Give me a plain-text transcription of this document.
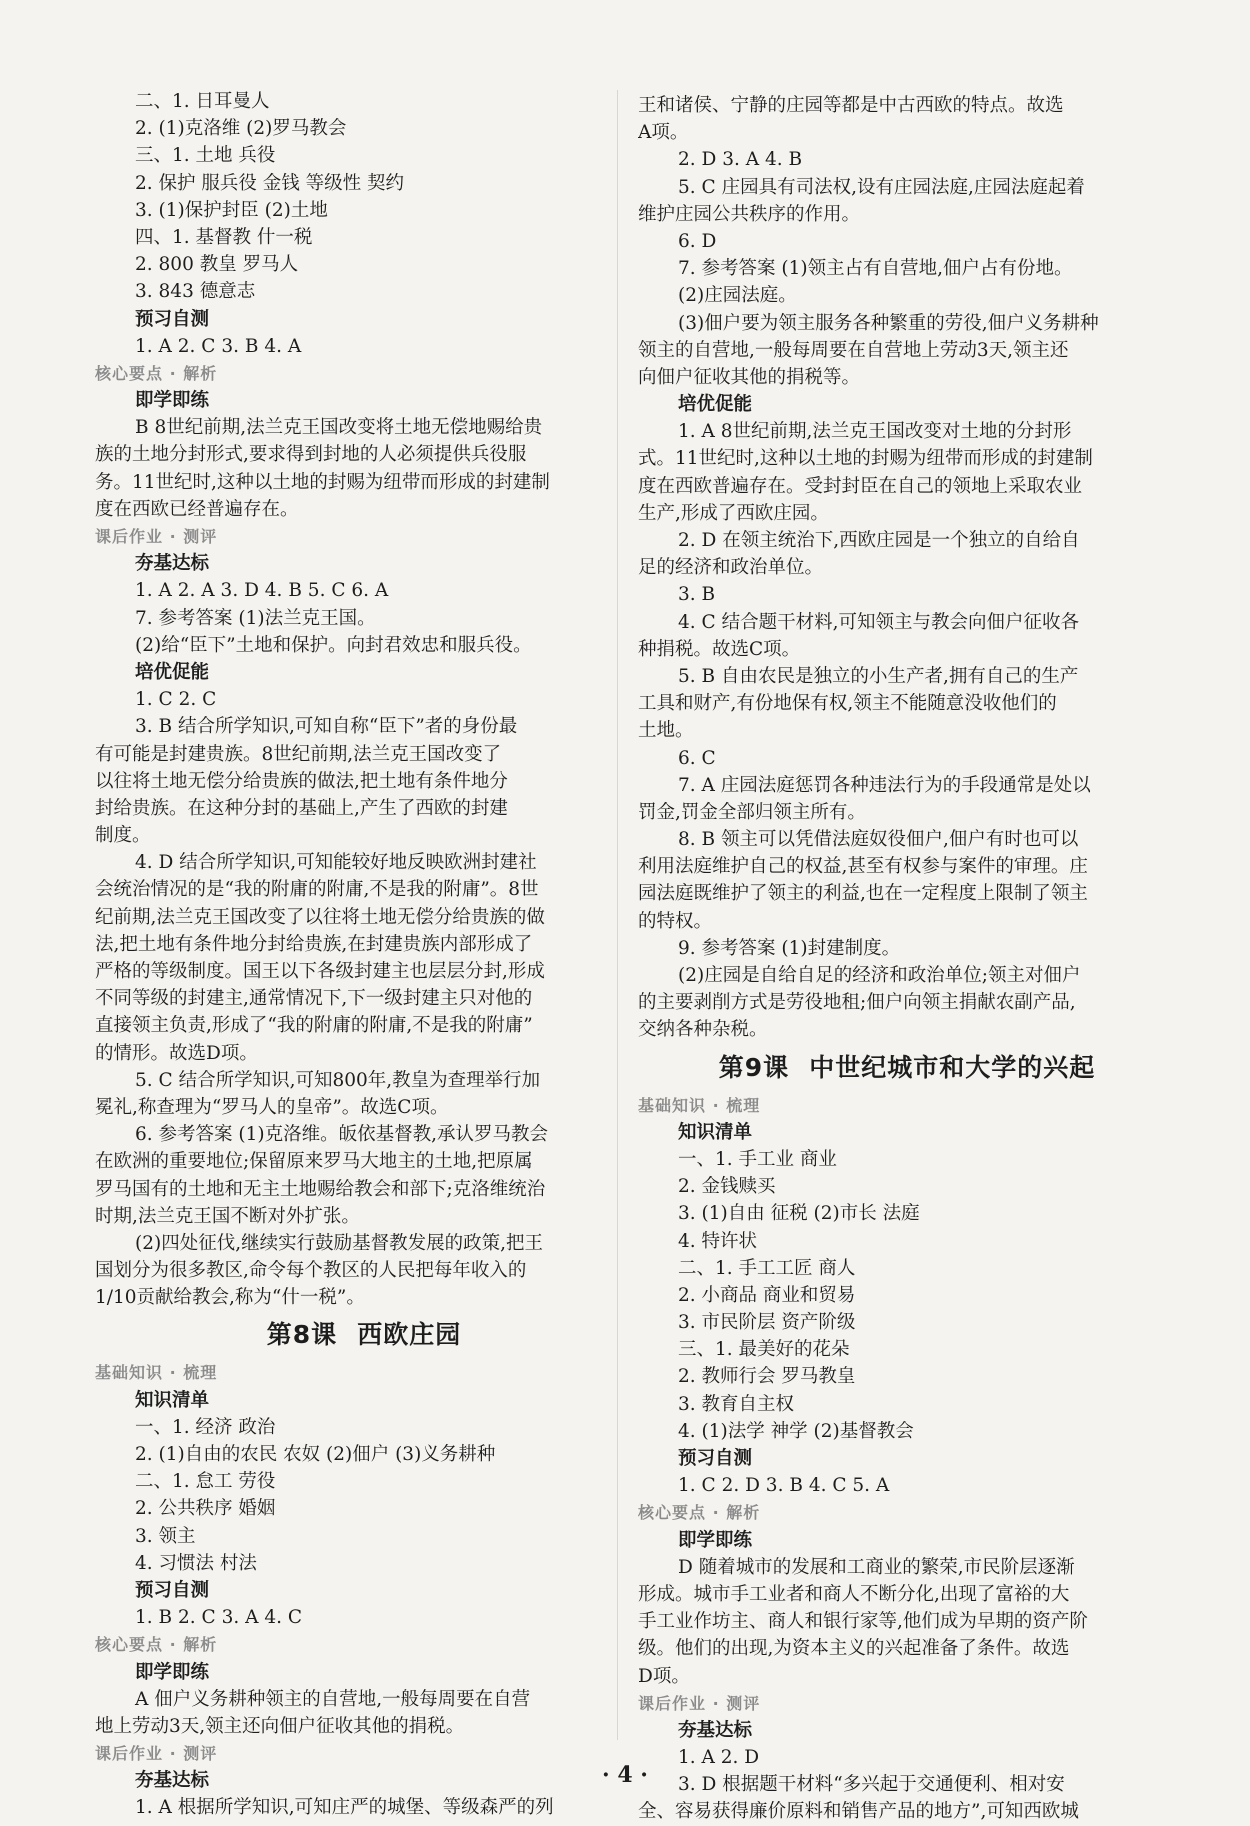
二、1. 日耳曼人
2. (1)克洛维 (2)罗马教会
三、1. 土地 兵役
2. 保护 服兵役 金钱 等级性 契约
3. (1)保护封臣 (2)土地
四、1. 基督教 什一税
2. 800 教皇 罗马人
3. 843 德意志
预习自测
1. A 2. C 3. B 4. A
核心要点 · 解析
即学即练
B 8世纪前期,法兰克王国改变将土地无偿地赐给贵
族的土地分封形式,要求得到封地的人必须提供兵役服
务。11世纪时,这种以土地的封赐为纽带而形成的封建制
度在西欧已经普遍存在。
课后作业 · 测评
夯基达标
1. A 2. A 3. D 4. B 5. C 6. A
7. 参考答案 (1)法兰克王国。
(2)给“臣下”土地和保护。向封君效忠和服兵役。
培优促能
1. C 2. C
3. B 结合所学知识,可知自称“臣下”者的身份最
有可能是封建贵族。8世纪前期,法兰克王国改变了
以往将土地无偿分给贵族的做法,把土地有条件地分
封给贵族。在这种分封的基础上,产生了西欧的封建
制度。
4. D 结合所学知识,可知能较好地反映欧洲封建社
会统治情况的是“我的附庸的附庸,不是我的附庸”。8世
纪前期,法兰克王国改变了以往将土地无偿分给贵族的做
法,把土地有条件地分封给贵族,在封建贵族内部形成了
严格的等级制度。国王以下各级封建主也层层分封,形成
不同等级的封建主,通常情况下,下一级封建主只对他的
直接领主负责,形成了“我的附庸的附庸,不是我的附庸”
的情形。故选D项。
5. C 结合所学知识,可知800年,教皇为查理举行加
冕礼,称查理为“罗马人的皇帝”。故选C项。
6. 参考答案 (1)克洛维。皈依基督教,承认罗马教会
在欧洲的重要地位;保留原来罗马大地主的土地,把原属
罗马国有的土地和无主土地赐给教会和部下;克洛维统治
时期,法兰克王国不断对外扩张。
(2)四处征伐,继续实行鼓励基督教发展的政策,把王
国划分为很多教区,命令每个教区的人民把每年收入的
1/10贡献给教会,称为“什一税”。
第8课 西欧庄园
基础知识 · 梳理
知识清单
一、1. 经济 政治
2. (1)自由的农民 农奴 (2)佃户 (3)义务耕种
二、1. 怠工 劳役
2. 公共秩序 婚姻
3. 领主
4. 习惯法 村法
预习自测
1. B 2. C 3. A 4. C
核心要点 · 解析
即学即练
A 佃户义务耕种领主的自营地,一般每周要在自营
地上劳动3天,领主还向佃户征收其他的捐税。
课后作业 · 测评
夯基达标
1. A 根据所学知识,可知庄严的城堡、等级森严的列
王和诸侯、宁静的庄园等都是中古西欧的特点。故选
A项。
2. D 3. A 4. B
5. C 庄园具有司法权,设有庄园法庭,庄园法庭起着
维护庄园公共秩序的作用。
6. D
7. 参考答案 (1)领主占有自营地,佃户占有份地。
(2)庄园法庭。
(3)佃户要为领主服务各种繁重的劳役,佃户义务耕种
领主的自营地,一般每周要在自营地上劳动3天,领主还
向佃户征收其他的捐税等。
培优促能
1. A 8世纪前期,法兰克王国改变对土地的分封形
式。11世纪时,这种以土地的封赐为纽带而形成的封建制
度在西欧普遍存在。受封封臣在自己的领地上采取农业
生产,形成了西欧庄园。
2. D 在领主统治下,西欧庄园是一个独立的自给自
足的经济和政治单位。
3. B
4. C 结合题干材料,可知领主与教会向佃户征收各
种捐税。故选C项。
5. B 自由农民是独立的小生产者,拥有自己的生产
工具和财产,有份地保有权,领主不能随意没收他们的
土地。
6. C
7. A 庄园法庭惩罚各种违法行为的手段通常是处以
罚金,罚金全部归领主所有。
8. B 领主可以凭借法庭奴役佃户,佃户有时也可以
利用法庭维护自己的权益,甚至有权参与案件的审理。庄
园法庭既维护了领主的利益,也在一定程度上限制了领主
的特权。
9. 参考答案 (1)封建制度。
(2)庄园是自给自足的经济和政治单位;领主对佃户
的主要剥削方式是劳役地租;佃户向领主捐献农副产品,
交纳各种杂税。
第9课 中世纪城市和大学的兴起
基础知识 · 梳理
知识清单
一、1. 手工业 商业
2. 金钱赎买
3. (1)自由 征税 (2)市长 法庭
4. 特许状
二、1. 手工工匠 商人
2. 小商品 商业和贸易
3. 市民阶层 资产阶级
三、1. 最美好的花朵
2. 教师行会 罗马教皇
3. 教育自主权
4. (1)法学 神学 (2)基督教会
预习自测
1. C 2. D 3. B 4. C 5. A
核心要点 · 解析
即学即练
D 随着城市的发展和工商业的繁荣,市民阶层逐渐
形成。城市手工业者和商人不断分化,出现了富裕的大
手工业作坊主、商人和银行家等,他们成为早期的资产阶
级。他们的出现,为资本主义的兴起准备了条件。故选
D项。
课后作业 · 测评
夯基达标
1. A 2. D
3. D 根据题干材料“多兴起于交通便利、相对安
全、容易获得廉价原料和销售产品的地方”,可知西欧城
· 4 ·
